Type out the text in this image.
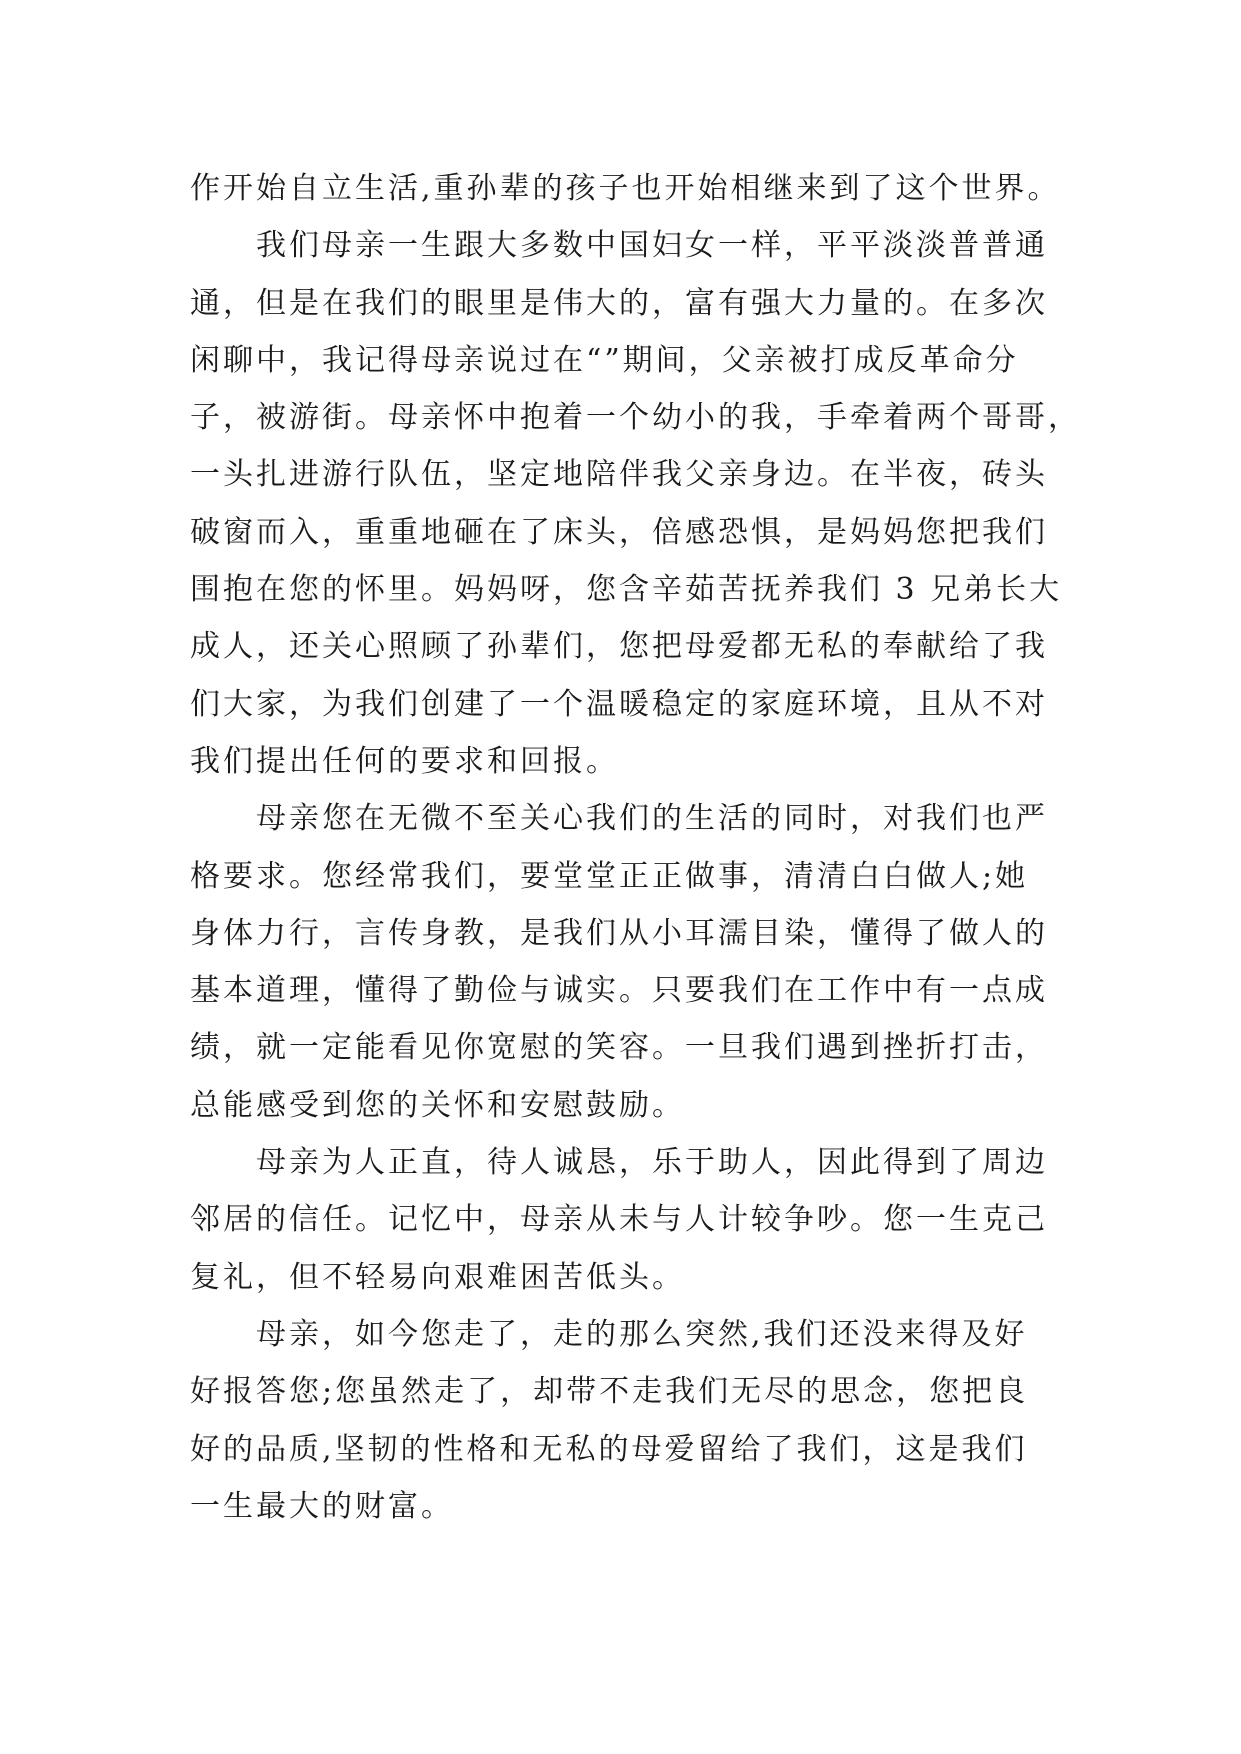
作开始自立生活,重孙辈的孩子也开始相继来到了这个世界。
我们母亲一生跟大多数中国妇女一样，平平淡淡普普通
通，但是在我们的眼里是伟大的，富有强大力量的。在多次
闲聊中，我记得母亲说过在“”期间，父亲被打成反革命分
子，被游街。母亲怀中抱着一个幼小的我，手牵着两个哥哥，
一头扎进游行队伍，坚定地陪伴我父亲身边。在半夜，砖头
破窗而入，重重地砸在了床头，倍感恐惧，是妈妈您把我们
围抱在您的怀里。妈妈呀，您含辛茹苦抚养我们 3 兄弟长大
成人，还关心照顾了孙辈们，您把母爱都无私的奉献给了我
们大家，为我们创建了一个温暖稳定的家庭环境，且从不对
我们提出任何的要求和回报。
母亲您在无微不至关心我们的生活的同时，对我们也严
格要求。您经常我们，要堂堂正正做事，清清白白做人;她
身体力行，言传身教，是我们从小耳濡目染，懂得了做人的
基本道理，懂得了勤俭与诚实。只要我们在工作中有一点成
绩，就一定能看见你宽慰的笑容。一旦我们遇到挫折打击，
总能感受到您的关怀和安慰鼓励。
母亲为人正直，待人诚恳，乐于助人，因此得到了周边
邻居的信任。记忆中，母亲从未与人计较争吵。您一生克己
复礼，但不轻易向艰难困苦低头。
母亲，如今您走了，走的那么突然,我们还没来得及好
好报答您;您虽然走了，却带不走我们无尽的思念，您把良
好的品质,坚韧的性格和无私的母爱留给了我们，这是我们
一生最大的财富。
